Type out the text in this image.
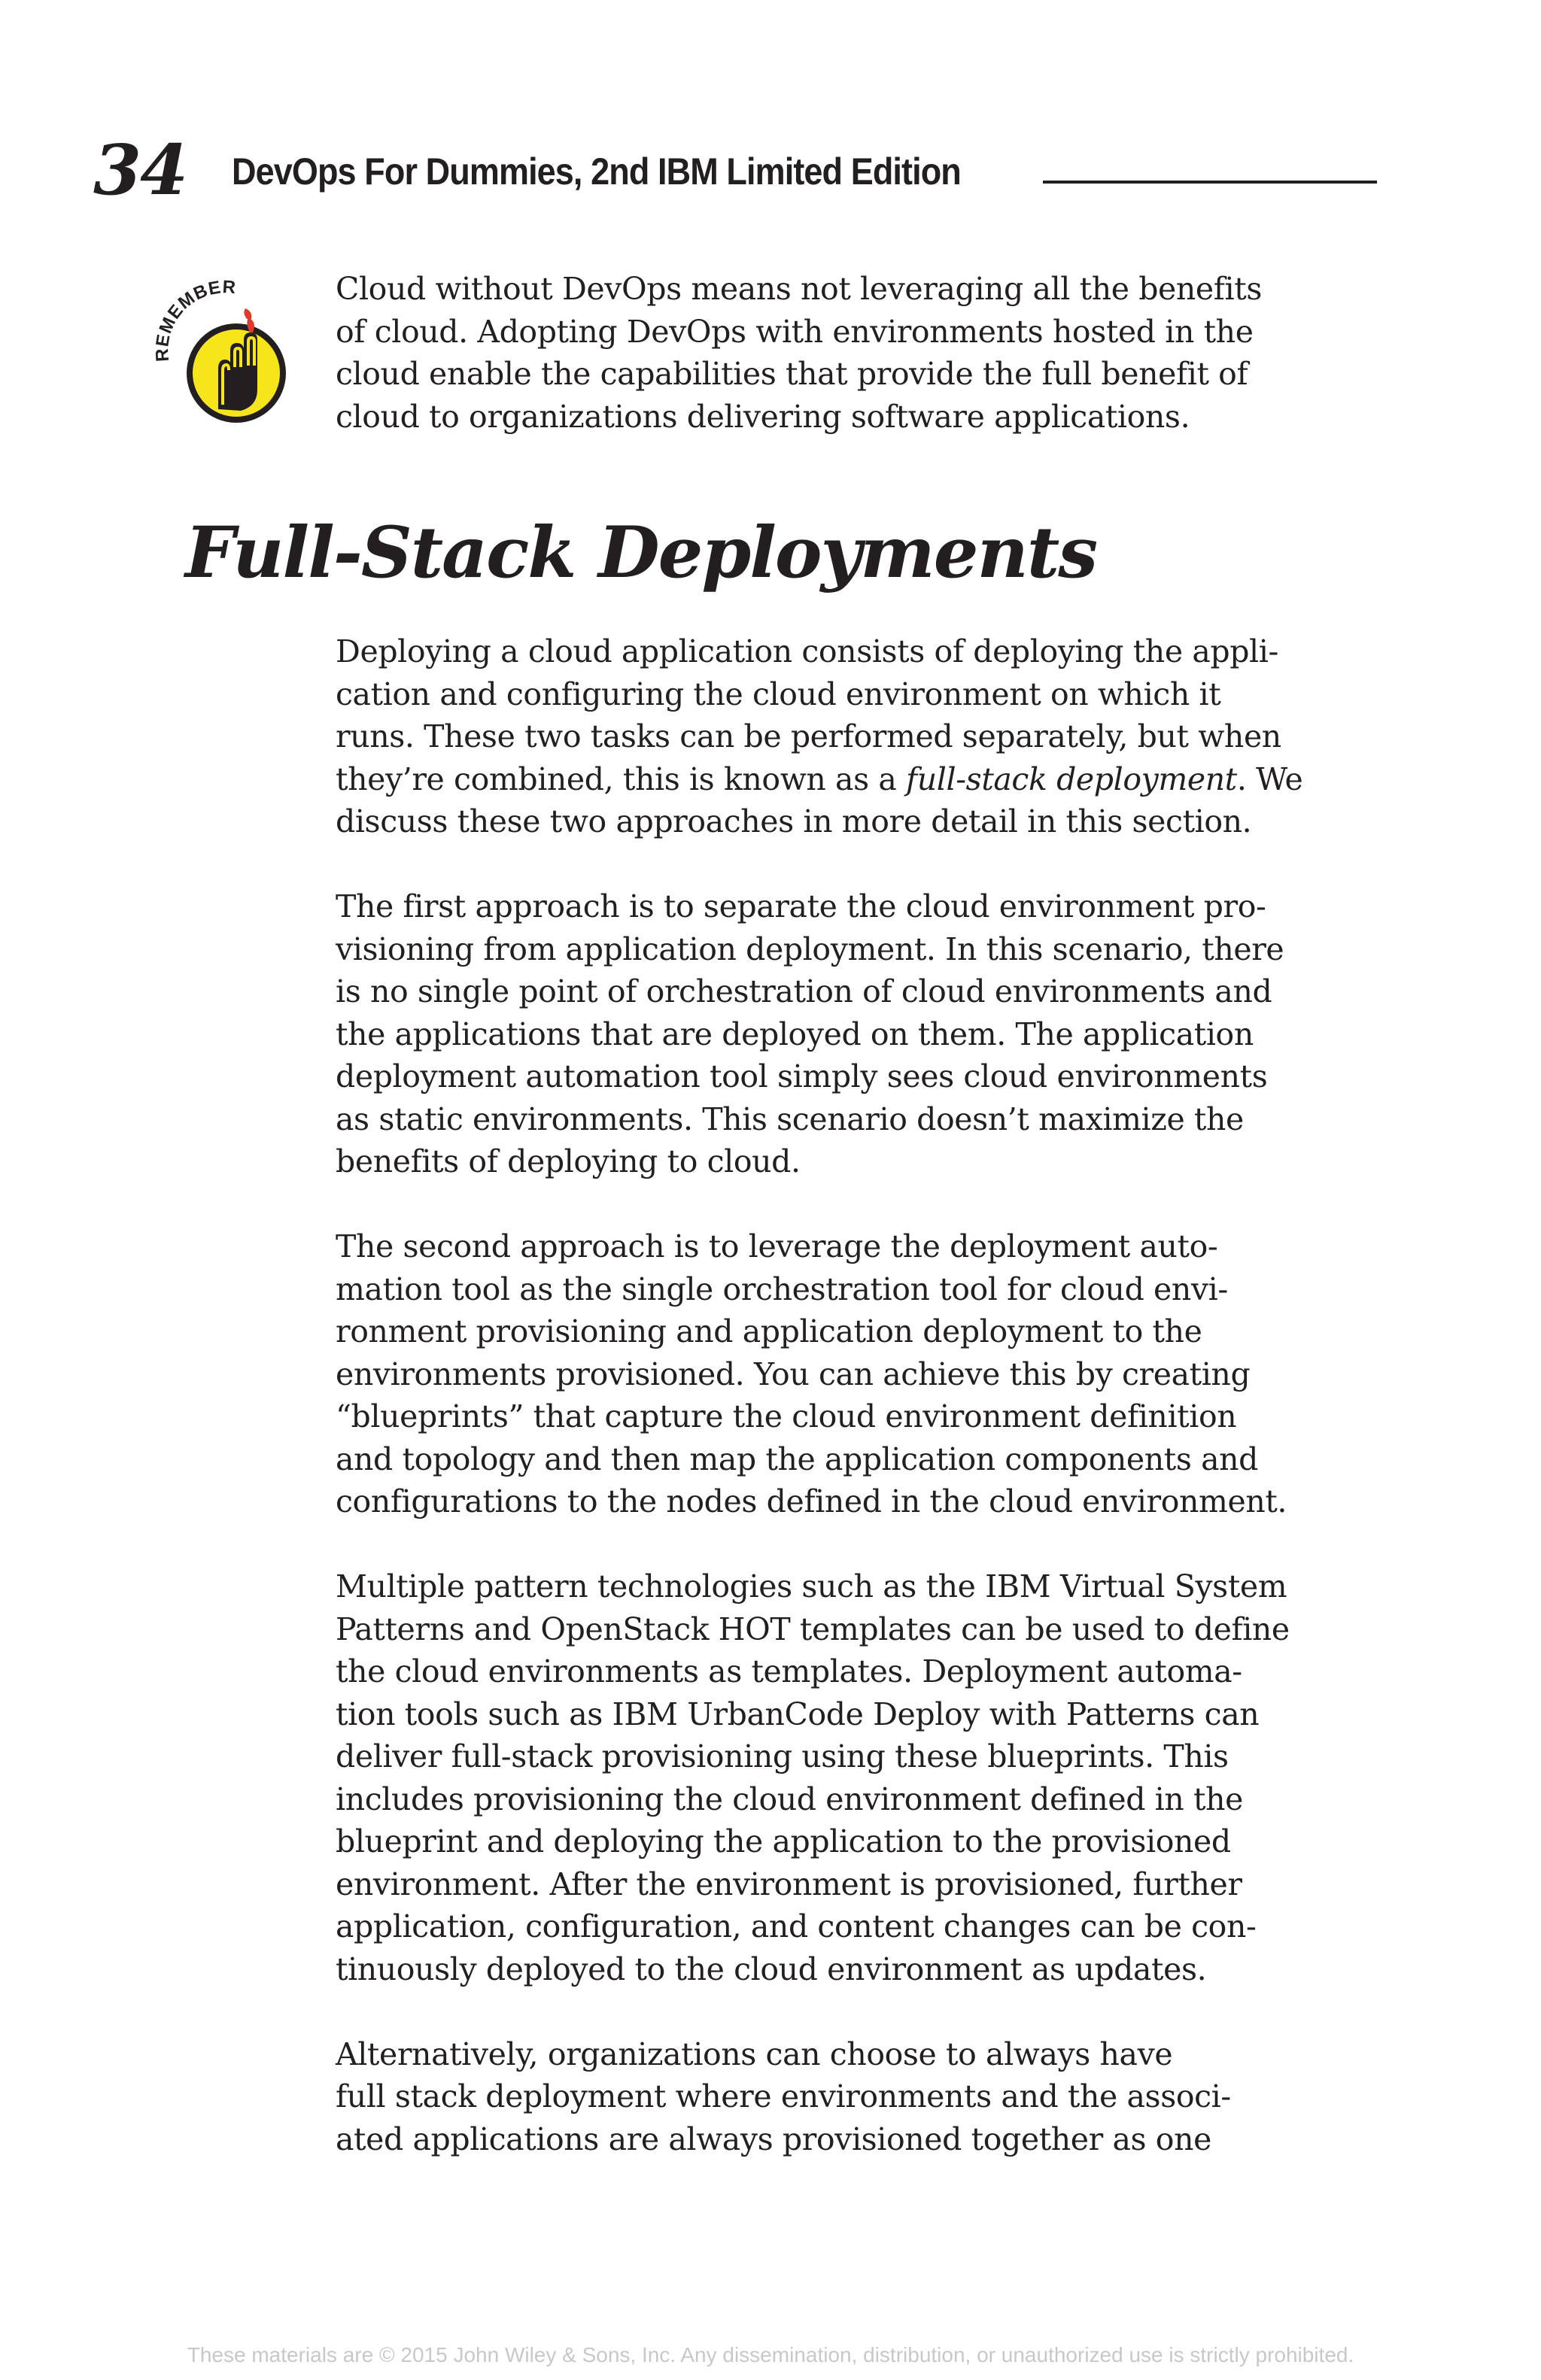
34 DevOps For Dummies, 2nd IBM Limited Edition
REMEMBER	Cloud without DevOps means not leveraging all the benefits

of cloud. Adopting DevOps with environments hosted in the

cloud enable the capabilities that provide the full benefit of

cloud to organizations delivering software applications.

Full-Stack Deployments

Deploying a cloud application consists of deploying the appli-
cation and configuring the cloud environment on which it
runs. These two tasks can be performed separately, but when
they’re combined, this is known as a full-stack deployment. We
discuss these two approaches in more detail in this section.

The first approach is to separate the cloud environment pro-
visioning from application deployment. In this scenario, there
is no single point of orchestration of cloud environments and
the applications that are deployed on them. The application
deployment automation tool simply sees cloud environments
as static environments. This scenario doesn’t maximize the
benefits of deploying to cloud.

The second approach is to leverage the deployment auto-
mation tool as the single orchestration tool for cloud envi-
ronment provisioning and application deployment to the
environments provisioned. You can achieve this by creating
“blueprints” that capture the cloud environment definition
and topology and then map the application components and
configurations to the nodes defined in the cloud environment.

Multiple pattern technologies such as the IBM Virtual System
Patterns and OpenStack HOT templates can be used to define
the cloud environments as templates. Deployment automa-
tion tools such as IBM UrbanCode Deploy with Patterns can
deliver full-stack provisioning using these blueprints. This
includes provisioning the cloud environment defined in the
blueprint and deploying the application to the provisioned
environment. After the environment is provisioned, further
application, configuration, and content changes can be con-
tinuously deployed to the cloud environment as updates.

Alternatively, organizations can choose to always have
full stack deployment where environments and the associ-
ated applications are always provisioned together as one

These materials are © 2015 John Wiley & Sons, Inc. Any dissemination, distribution, or unauthorized use is strictly prohibited.
